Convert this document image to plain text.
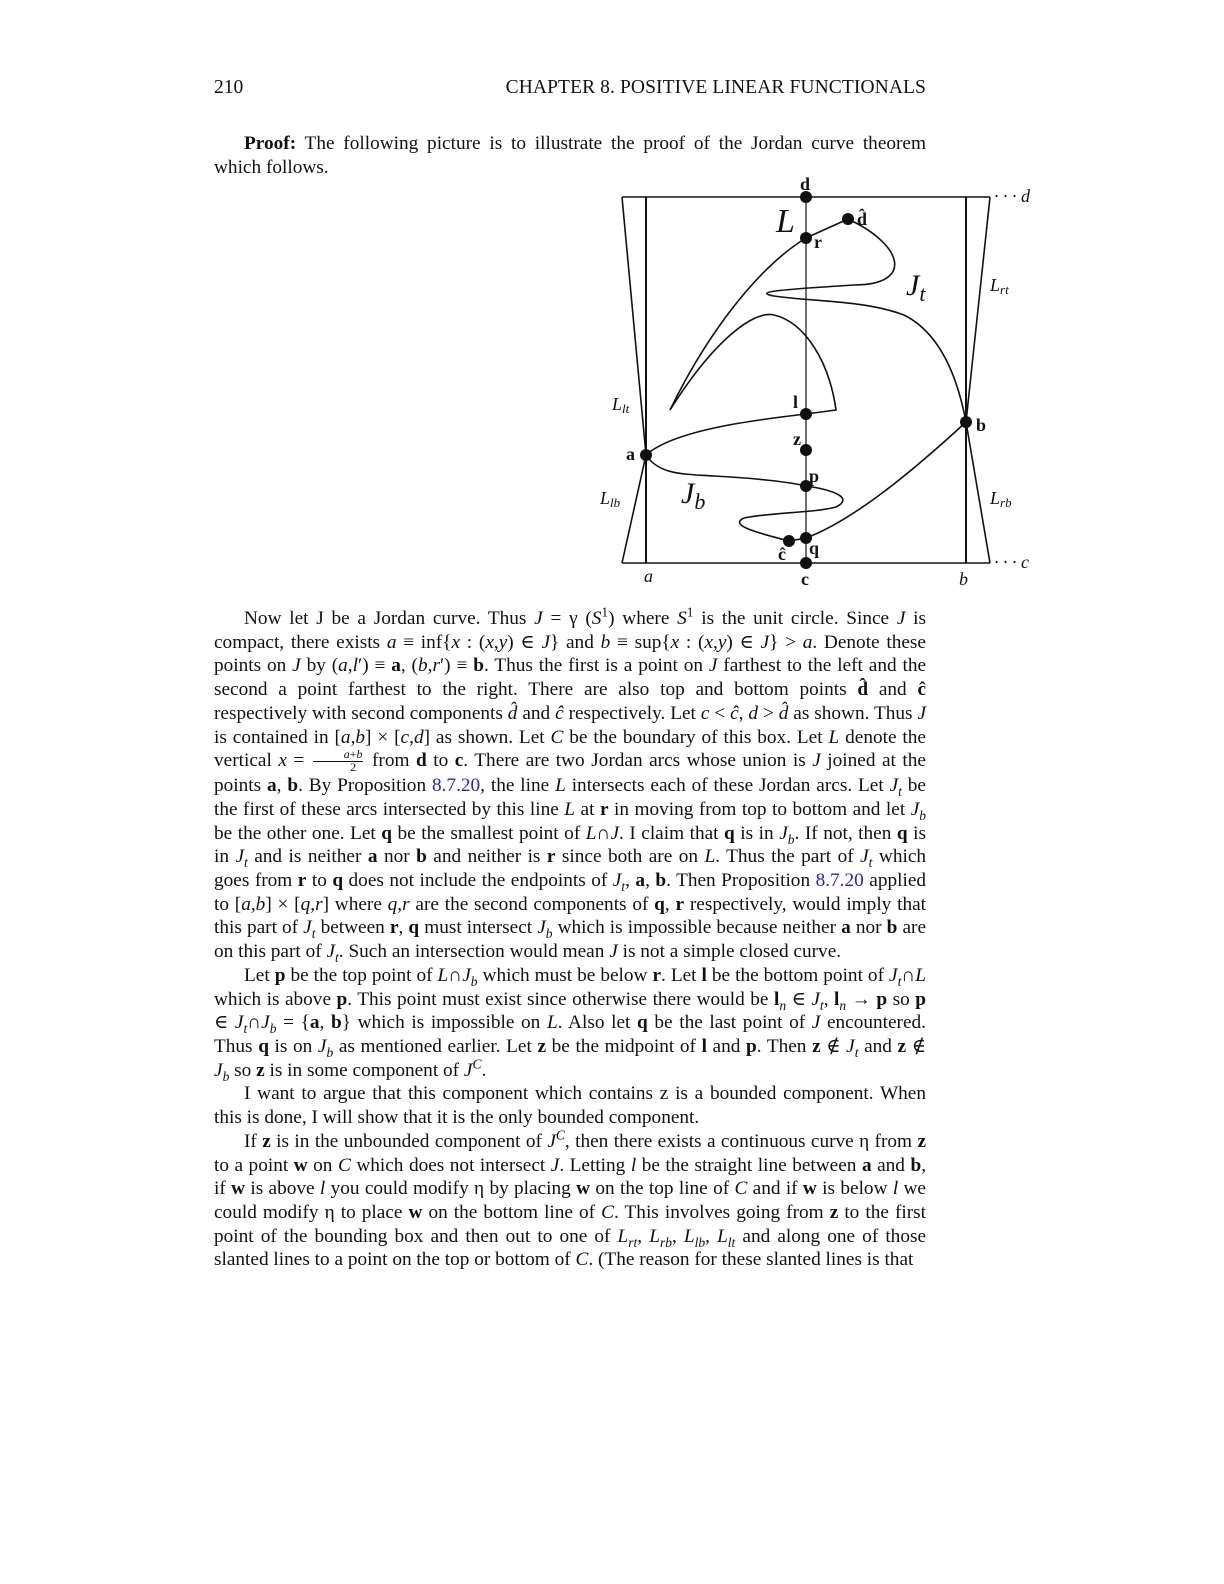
210	CHAPTER 8. POSITIVE LINEAR FUNCTIONALS

Proof: The following picture is to illustrate the proof of the Jordan curve theorem which follows.

d
d̂
r
L
$J_t$
$J_b$
l
z
p
q
ĉ
c
a
b
a	b
· · · d
· · · c
Lrt
Lrb
Llt
Llb

Now let J be a Jordan curve. Thus J = γ $(S^1)$ where $S^1$ is the unit circle. Since J is compact, there exists a ≡ inf{x : (x,y) ∈ J} and b ≡ sup{x : (x,y) ∈ J} > a. Denote these points on J by (a,l′) ≡ a, (b,r′) ≡ b. Thus the first is a point on J farthest to the left and the second a point farthest to the right. There are also top and bottom points d̂ and ĉ respectively with second components d̂ and ĉ respectively. Let c < ĉ, d > d̂ as shown. Thus J is contained in [a,b] × [c,d] as shown. Let C be the boundary of this box. Let L denote the vertical $x = \frac{a+b}{2}$ from d to c. There are two Jordan arcs whose union is J joined at the points a, b. By Proposition 8.7.20, the line L intersects each of these Jordan arcs. Let $J_t$ be the first of these arcs intersected by this line L at r in moving from top to bottom and let $J_b$ be the other one. Let q be the smallest point of L∩J. I claim that q is in $J_b$. If not, then q is in $J_t$ and is neither a nor b and neither is r since both are on L. Thus the part of $J_t$ which goes from r to q does not include the endpoints of $J_t$, a, b. Then Proposition 8.7.20 applied to [a,b] × [q,r] where q,r are the second components of q, r respectively, would imply that this part of $J_t$ between r, q must intersect $J_b$ which is impossible because neither a nor b are on this part of $J_t$. Such an intersection would mean J is not a simple closed curve.

Let p be the top point of $L\cap J_b$ which must be below r. Let l be the bottom point of $J_t\cap L$ which is above p. This point must exist since otherwise there would be $l_n$ ∈ $J_t$, $l_n \to p$ so p ∈ $J_t\cap J_b = \{a$, b} which is impossible on L. Also let q be the last point of J encountered. Thus q is on $J_b$ as mentioned earlier. Let z be the midpoint of l and p. Then z ∉ $J_t$ and z ∉ $J_b$ so z is in some component of $J^C$.

I want to argue that this component which contains z is a bounded component. When this is done, I will show that it is the only bounded component.

If z is in the unbounded component of $J^C$, then there exists a continuous curve η from z to a point w on C which does not intersect J. Letting l be the straight line between a and b, if w is above l you could modify η by placing w on the top line of C and if w is below l we could modify η to place w on the bottom line of C. This involves going from z to the first point of the bounding box and then out to one of $L_{rt}$, $L_{rb}$, $L_{lb}$, $L_{lt}$ and along one of those slanted lines to a point on the top or bottom of C. (The reason for these slanted lines is that
